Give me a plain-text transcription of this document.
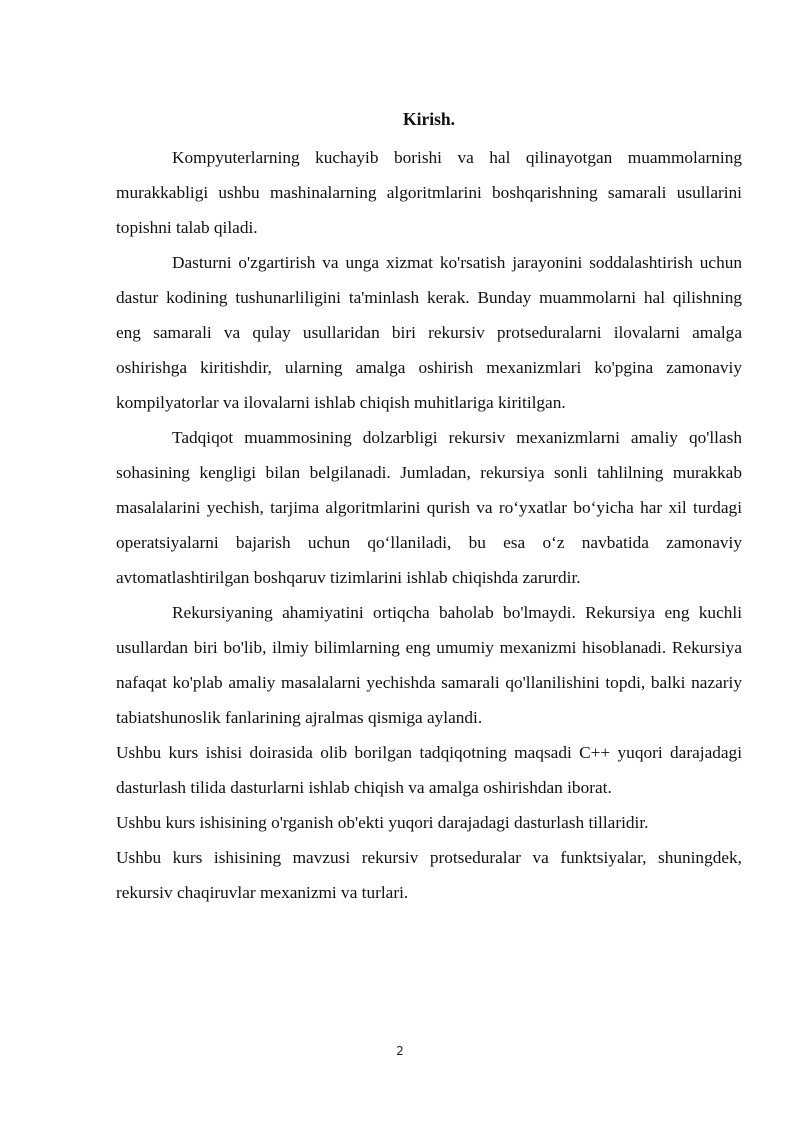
Kirish.

Kompyuterlarning kuchayib borishi va hal qilinayotgan muammolarning murakkabligi ushbu mashinalarning algoritmlarini boshqarishning samarali usullarini topishni talab qiladi.

Dasturni o'zgartirish va unga xizmat ko'rsatish jarayonini soddalashtirish uchun dastur kodining tushunarliligini ta'minlash kerak. Bunday muammolarni hal qilishning eng samarali va qulay usullaridan biri rekursiv protseduralarni ilovalarni amalga oshirishga kiritishdir, ularning amalga oshirish mexanizmlari ko'pgina zamonaviy kompilyatorlar va ilovalarni ishlab chiqish muhitlariga kiritilgan.

Tadqiqot muammosining dolzarbligi rekursiv mexanizmlarni amaliy qo'llash sohasining kengligi bilan belgilanadi. Jumladan, rekursiya sonli tahlilning murakkab masalalarini yechish, tarjima algoritmlarini qurish va ro‘yxatlar bo‘yicha har xil turdagi operatsiyalarni bajarish uchun qo‘llaniladi, bu esa o‘z navbatida zamonaviy avtomatlashtirilgan boshqaruv tizimlarini ishlab chiqishda zarurdir.

Rekursiyaning ahamiyatini ortiqcha baholab bo'lmaydi. Rekursiya eng kuchli usullardan biri bo'lib, ilmiy bilimlarning eng umumiy mexanizmi hisoblanadi. Rekursiya nafaqat ko'plab amaliy masalalarni yechishda samarali qo'llanilishini topdi, balki nazariy tabiatshunoslik fanlarining ajralmas qismiga aylandi.

Ushbu kurs ishisi doirasida olib borilgan tadqiqotning maqsadi C++ yuqori darajadagi dasturlash tilida dasturlarni ishlab chiqish va amalga oshirishdan iborat.

Ushbu kurs ishisining o'rganish ob'ekti yuqori darajadagi dasturlash tillaridir.

Ushbu kurs ishisining mavzusi rekursiv protseduralar va funktsiyalar, shuningdek, rekursiv chaqiruvlar mexanizmi va turlari.

2
